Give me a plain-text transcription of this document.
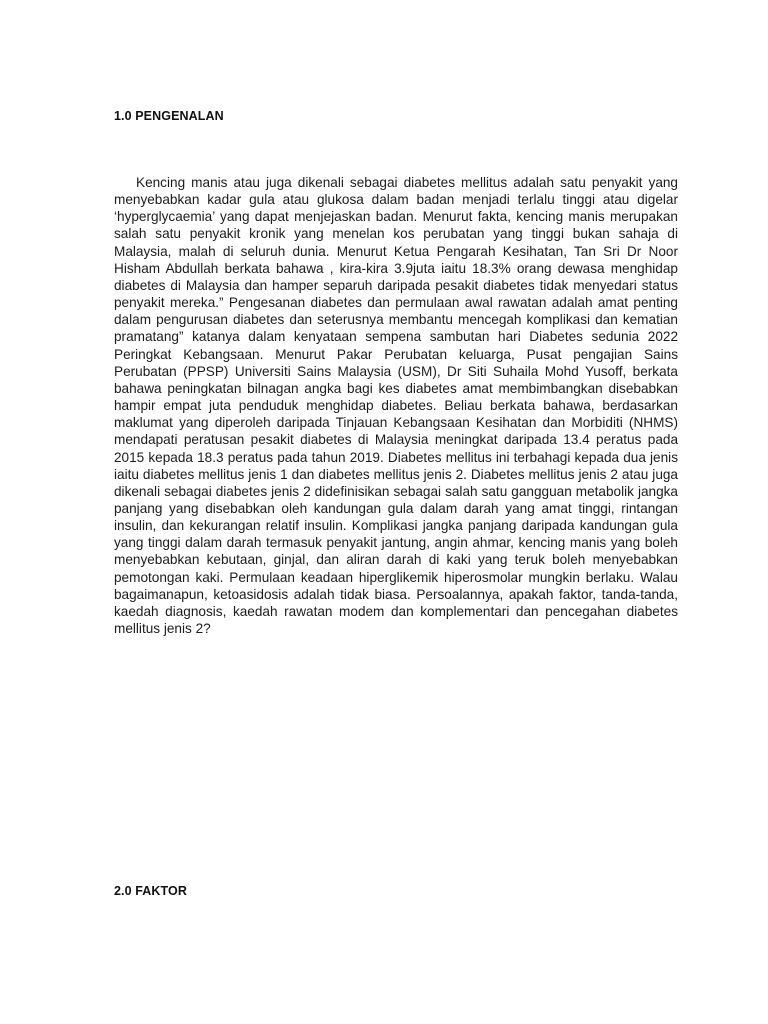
1.0 PENGENALAN

Kencing manis atau juga dikenali sebagai diabetes mellitus adalah satu penyakit yang menyebabkan kadar gula atau glukosa dalam badan menjadi terlalu tinggi atau digelar ‘hyperglycaemia’ yang dapat menjejaskan badan. Menurut fakta, kencing manis merupakan salah satu penyakit kronik yang menelan kos perubatan yang tinggi bukan sahaja di Malaysia, malah di seluruh dunia. Menurut Ketua Pengarah Kesihatan, Tan Sri Dr Noor Hisham Abdullah berkata bahawa , kira-kira 3.9juta iaitu 18.3% orang dewasa menghidap diabetes di Malaysia dan hamper separuh daripada pesakit diabetes tidak menyedari status penyakit mereka.” Pengesanan diabetes dan permulaan awal rawatan adalah amat penting dalam pengurusan diabetes dan seterusnya membantu mencegah komplikasi dan kematian pramatang” katanya dalam kenyataan sempena sambutan hari Diabetes sedunia 2022 Peringkat Kebangsaan. Menurut Pakar Perubatan keluarga, Pusat pengajian Sains Perubatan (PPSP) Universiti Sains Malaysia (USM), Dr Siti Suhaila Mohd Yusoff, berkata bahawa peningkatan bilnagan angka bagi kes diabetes amat membimbangkan disebabkan hampir empat juta penduduk menghidap diabetes. Beliau berkata bahawa, berdasarkan maklumat yang diperoleh daripada Tinjauan Kebangsaan Kesihatan dan Morbiditi (NHMS) mendapati peratusan pesakit diabetes di Malaysia meningkat daripada 13.4 peratus pada 2015 kepada 18.3 peratus pada tahun 2019. Diabetes mellitus ini terbahagi kepada dua jenis iaitu diabetes mellitus jenis 1 dan diabetes mellitus jenis 2. Diabetes mellitus jenis 2 atau juga dikenali sebagai diabetes jenis 2 didefinisikan sebagai salah satu gangguan metabolik jangka panjang yang disebabkan oleh kandungan gula dalam darah yang amat tinggi, rintangan insulin, dan kekurangan relatif insulin. Komplikasi jangka panjang daripada kandungan gula yang tinggi dalam darah termasuk penyakit jantung, angin ahmar, kencing manis yang boleh menyebabkan kebutaan, ginjal, dan aliran darah di kaki yang teruk boleh menyebabkan pemotongan kaki. Permulaan keadaan hiperglikemik hiperosmolar mungkin berlaku. Walau bagaimanapun, ketoasidosis adalah tidak biasa. Persoalannya, apakah faktor, tanda-tanda, kaedah diagnosis, kaedah rawatan modem dan komplementari dan pencegahan diabetes mellitus jenis 2?

2.0 FAKTOR
